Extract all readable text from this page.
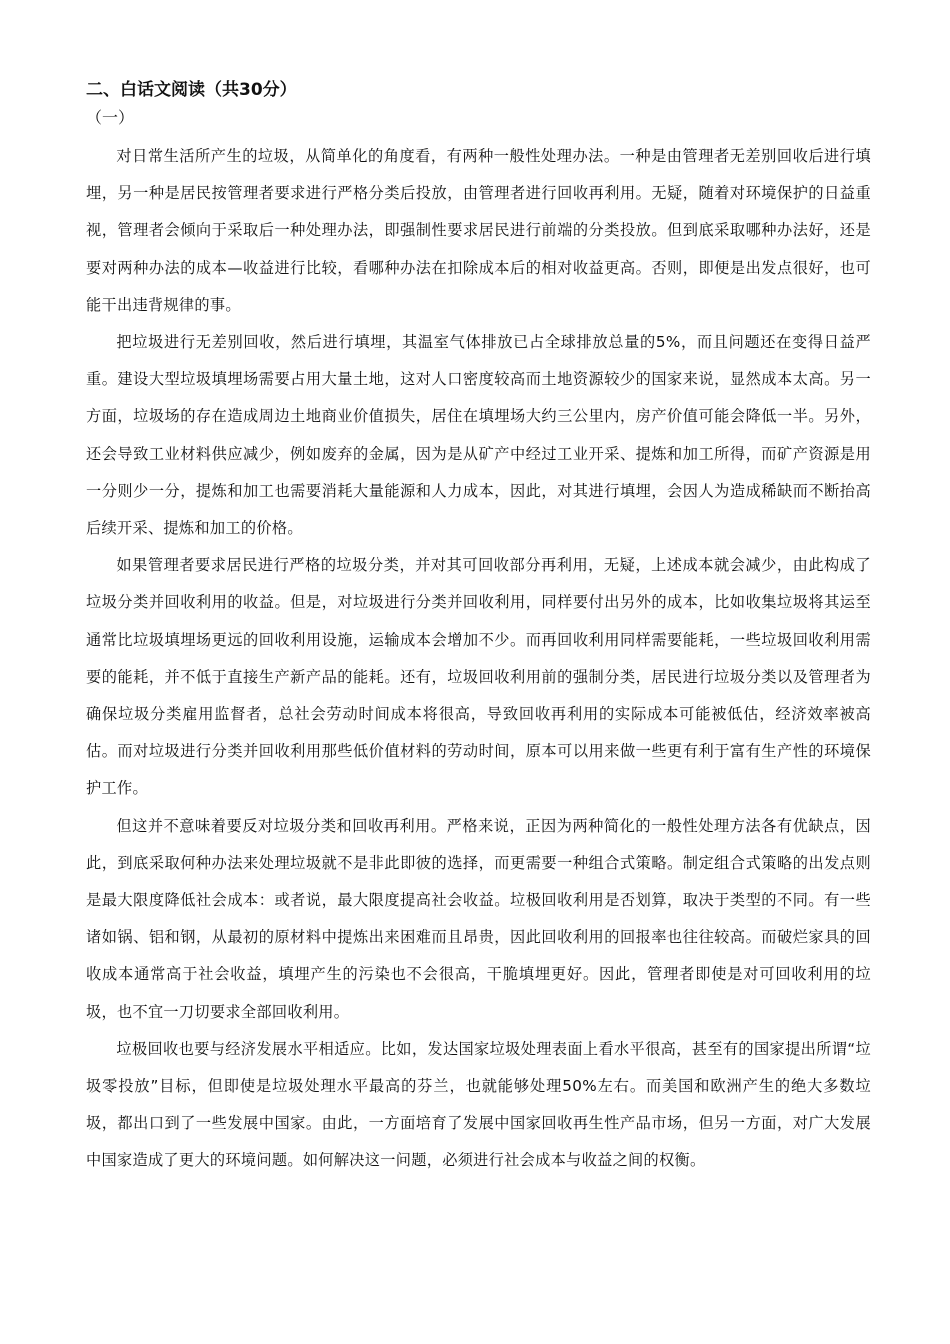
二、白话文阅读（共30分）
（一）

对日常生活所产生的垃圾，从简单化的角度看，有两种一般性处理办法。一种是由管理者无差别回收后进行填埋，另一种是居民按管理者要求进行严格分类后投放，由管理者进行回收再利用。无疑，随着对环境保护的日益重视，管理者会倾向于采取后一种处理办法，即强制性要求居民进行前端的分类投放。但到底采取哪种办法好，还是要对两种办法的成本—收益进行比较，看哪种办法在扣除成本后的相对收益更高。否则，即便是出发点很好，也可能干出违背规律的事。

把垃圾进行无差别回收，然后进行填埋，其温室气体排放已占全球排放总量的5%，而且问题还在变得日益严重。建设大型垃圾填埋场需要占用大量土地，这对人口密度较高而土地资源较少的国家来说，显然成本太高。另一方面，垃圾场的存在造成周边土地商业价值损失，居住在填埋场大约三公里内，房产价值可能会降低一半。另外，还会导致工业材料供应减少，例如废弃的金属，因为是从矿产中经过工业开采、提炼和加工所得，而矿产资源是用一分则少一分，提炼和加工也需要消耗大量能源和人力成本，因此，对其进行填埋，会因人为造成稀缺而不断抬高后续开采、提炼和加工的价格。

如果管理者要求居民进行严格的垃圾分类，并对其可回收部分再利用，无疑，上述成本就会减少，由此构成了垃圾分类并回收利用的收益。但是，对垃圾进行分类并回收利用，同样要付出另外的成本，比如收集垃圾将其运至通常比垃圾填埋场更远的回收利用设施，运输成本会增加不少。而再回收利用同样需要能耗，一些垃圾回收利用需要的能耗，并不低于直接生产新产品的能耗。还有，垃圾回收利用前的强制分类，居民进行垃圾分类以及管理者为确保垃圾分类雇用监督者，总社会劳动时间成本将很高，导致回收再利用的实际成本可能被低估，经济效率被高估。而对垃圾进行分类并回收利用那些低价值材料的劳动时间，原本可以用来做一些更有利于富有生产性的环境保护工作。

但这并不意味着要反对垃圾分类和回收再利用。严格来说，正因为两种简化的一般性处理方法各有优缺点，因此，到底采取何种办法来处理垃圾就不是非此即彼的选择，而更需要一种组合式策略。制定组合式策略的出发点则是最大限度降低社会成本：或者说，最大限度提高社会收益。垃极回收利用是否划算，取决于类型的不同。有一些诸如锅、铝和钢，从最初的原材料中提炼出来困难而且昂贵，因此回收利用的回报率也往往较高。而破烂家具的回收成本通常高于社会收益，填埋产生的污染也不会很高，干脆填埋更好。因此，管理者即使是对可回收利用的垃圾，也不宜一刀切要求全部回收利用。

垃极回收也要与经济发展水平相适应。比如，发达国家垃圾处理表面上看水平很高，甚至有的国家提出所谓“垃圾零投放”目标，但即使是垃圾处理水平最高的芬兰，也就能够处理50%左右。而美国和欧洲产生的绝大多数垃圾，都出口到了一些发展中国家。由此，一方面培育了发展中国家回收再生性产品市场，但另一方面，对广大发展中国家造成了更大的环境问题。如何解决这一问题，必须进行社会成本与收益之间的权衡。
